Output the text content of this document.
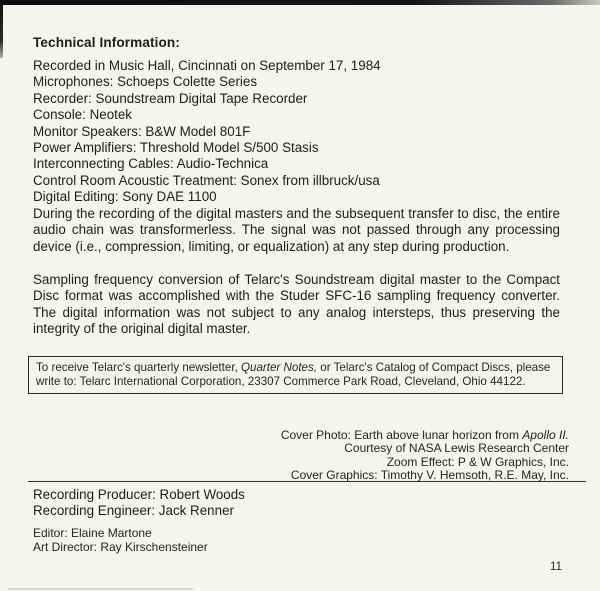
Technical Information:
Recorded in Music Hall, Cincinnati on September 17, 1984
Microphones: Schoeps Colette Series
Recorder: Soundstream Digital Tape Recorder
Console: Neotek
Monitor Speakers: B&W Model 801F
Power Amplifiers: Threshold Model S/500 Stasis
Interconnecting Cables: Audio-Technica
Control Room Acoustic Treatment: Sonex from illbruck/usa
Digital Editing: Sony DAE 1100
During the recording of the digital masters and the subsequent transfer to disc, the entire audio chain was transformerless. The signal was not passed through any processing device (i.e., compression, limiting, or equalization) at any step during production.
Sampling frequency conversion of Telarc's Soundstream digital master to the Compact Disc format was accomplished with the Studer SFC-16 sampling frequency converter. The digital information was not subject to any analog intersteps, thus preserving the integrity of the original digital master.
To receive Telarc's quarterly newsletter, Quarter Notes, or Telarc's Catalog of Compact Discs, please write to: Telarc International Corporation, 23307 Commerce Park Road, Cleveland, Ohio 44122.
Cover Photo: Earth above lunar horizon from Apollo II.
Courtesy of NASA Lewis Research Center
Zoom Effect: P & W Graphics, Inc.
Cover Graphics: Timothy V. Hemsoth, R.E. May, Inc.
Recording Producer: Robert Woods
Recording Engineer: Jack Renner
Editor: Elaine Martone
Art Director: Ray Kirschensteiner
11
